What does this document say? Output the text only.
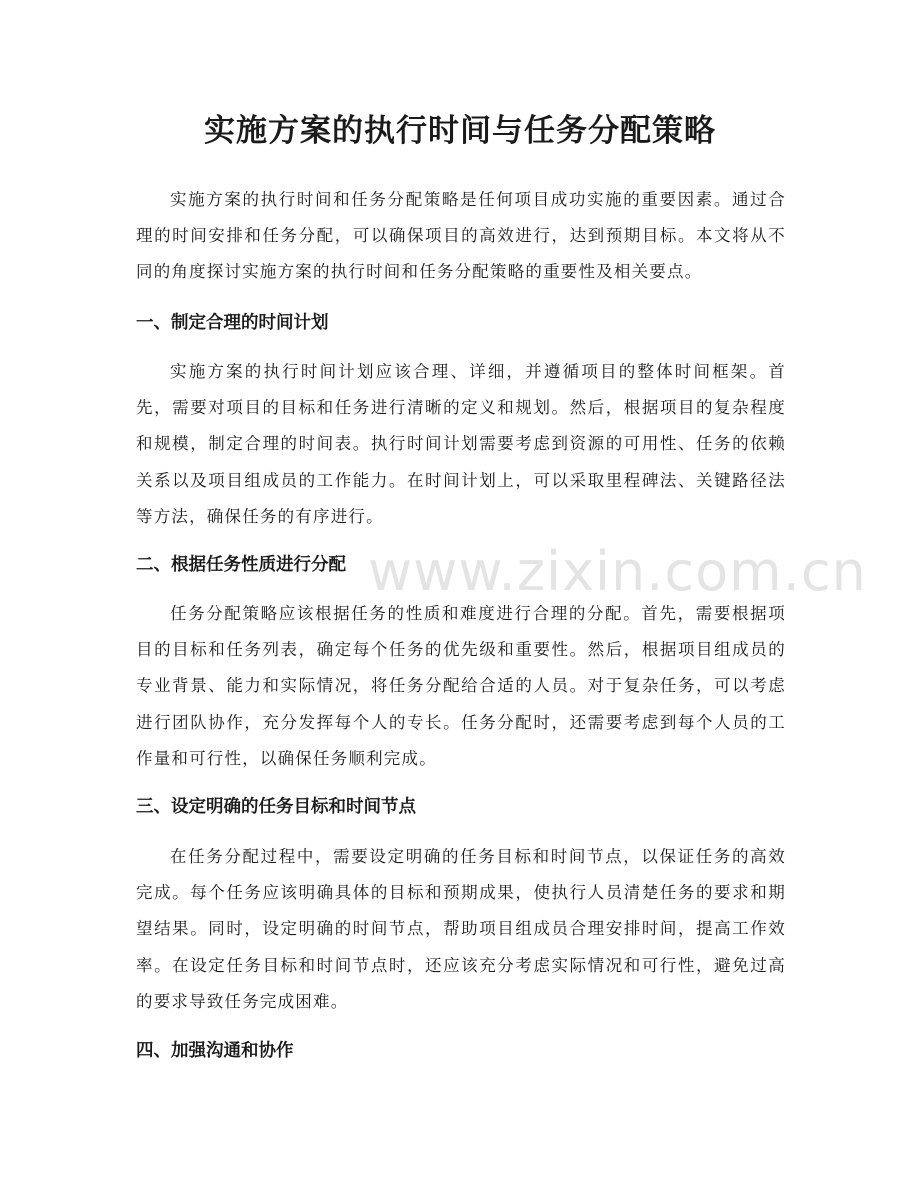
实施方案的执行时间与任务分配策略

实施方案的执行时间和任务分配策略是任何项目成功实施的重要因素。通过合理的时间安排和任务分配，可以确保项目的高效进行，达到预期目标。本文将从不同的角度探讨实施方案的执行时间和任务分配策略的重要性及相关要点。

一、制定合理的时间计划

实施方案的执行时间计划应该合理、详细，并遵循项目的整体时间框架。首先，需要对项目的目标和任务进行清晰的定义和规划。然后，根据项目的复杂程度和规模，制定合理的时间表。执行时间计划需要考虑到资源的可用性、任务的依赖关系以及项目组成员的工作能力。在时间计划上，可以采取里程碑法、关键路径法等方法，确保任务的有序进行。

二、根据任务性质进行分配

任务分配策略应该根据任务的性质和难度进行合理的分配。首先，需要根据项目的目标和任务列表，确定每个任务的优先级和重要性。然后，根据项目组成员的专业背景、能力和实际情况，将任务分配给合适的人员。对于复杂任务，可以考虑进行团队协作，充分发挥每个人的专长。任务分配时，还需要考虑到每个人员的工作量和可行性，以确保任务顺利完成。

三、设定明确的任务目标和时间节点

在任务分配过程中，需要设定明确的任务目标和时间节点，以保证任务的高效完成。每个任务应该明确具体的目标和预期成果，使执行人员清楚任务的要求和期望结果。同时，设定明确的时间节点，帮助项目组成员合理安排时间，提高工作效率。在设定任务目标和时间节点时，还应该充分考虑实际情况和可行性，避免过高的要求导致任务完成困难。

四、加强沟通和协作
www.zixin.com.cn
